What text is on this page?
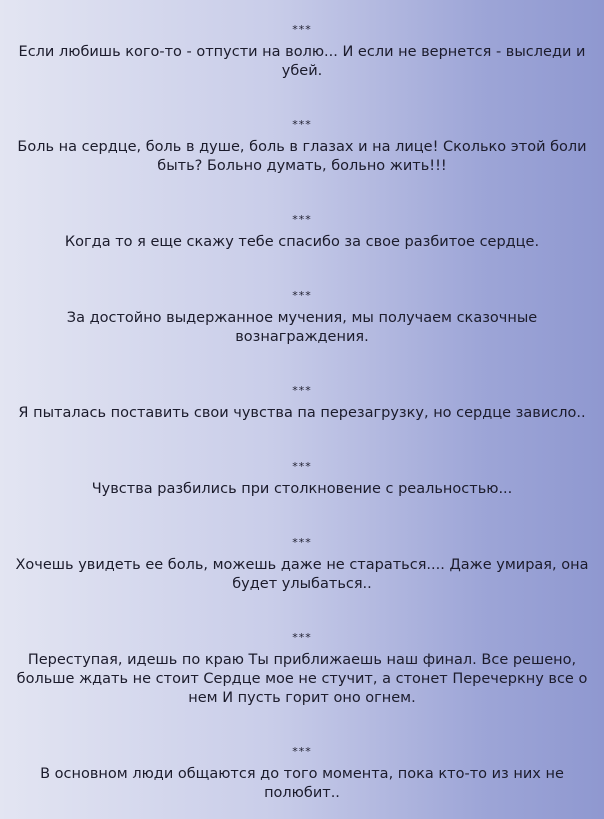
***
Если любишь кого-то - отпусти на волю... И если не вернется - выследи и убей.
***
Боль на сердце, боль в душе, боль в глазах и на лице! Сколько этой боли быть? Больно думать, больно жить!!!
***
Когда то я еще скажу тебе спасибо за свое разбитое сердце.
***
За достойно выдержанное мучения, мы получаем сказочные вознаграждения.
***
Я пыталась поставить свои чувства па перезагрузку, но сердце зависло..
***
Чувства разбились при столкновение с реальностью...
***
Хочешь увидеть ее боль, можешь даже не стараться.... Даже умирая, она будет улыбаться..
***
Переступая, идешь по краю Ты приближаешь наш финал. Все решено, больше ждать не стоит Сердце мое не стучит, а стонет Перечеркну все о нем И пусть горит оно огнем.
***
В основном люди общаются до того момента, пока кто-то из них не полюбит..
